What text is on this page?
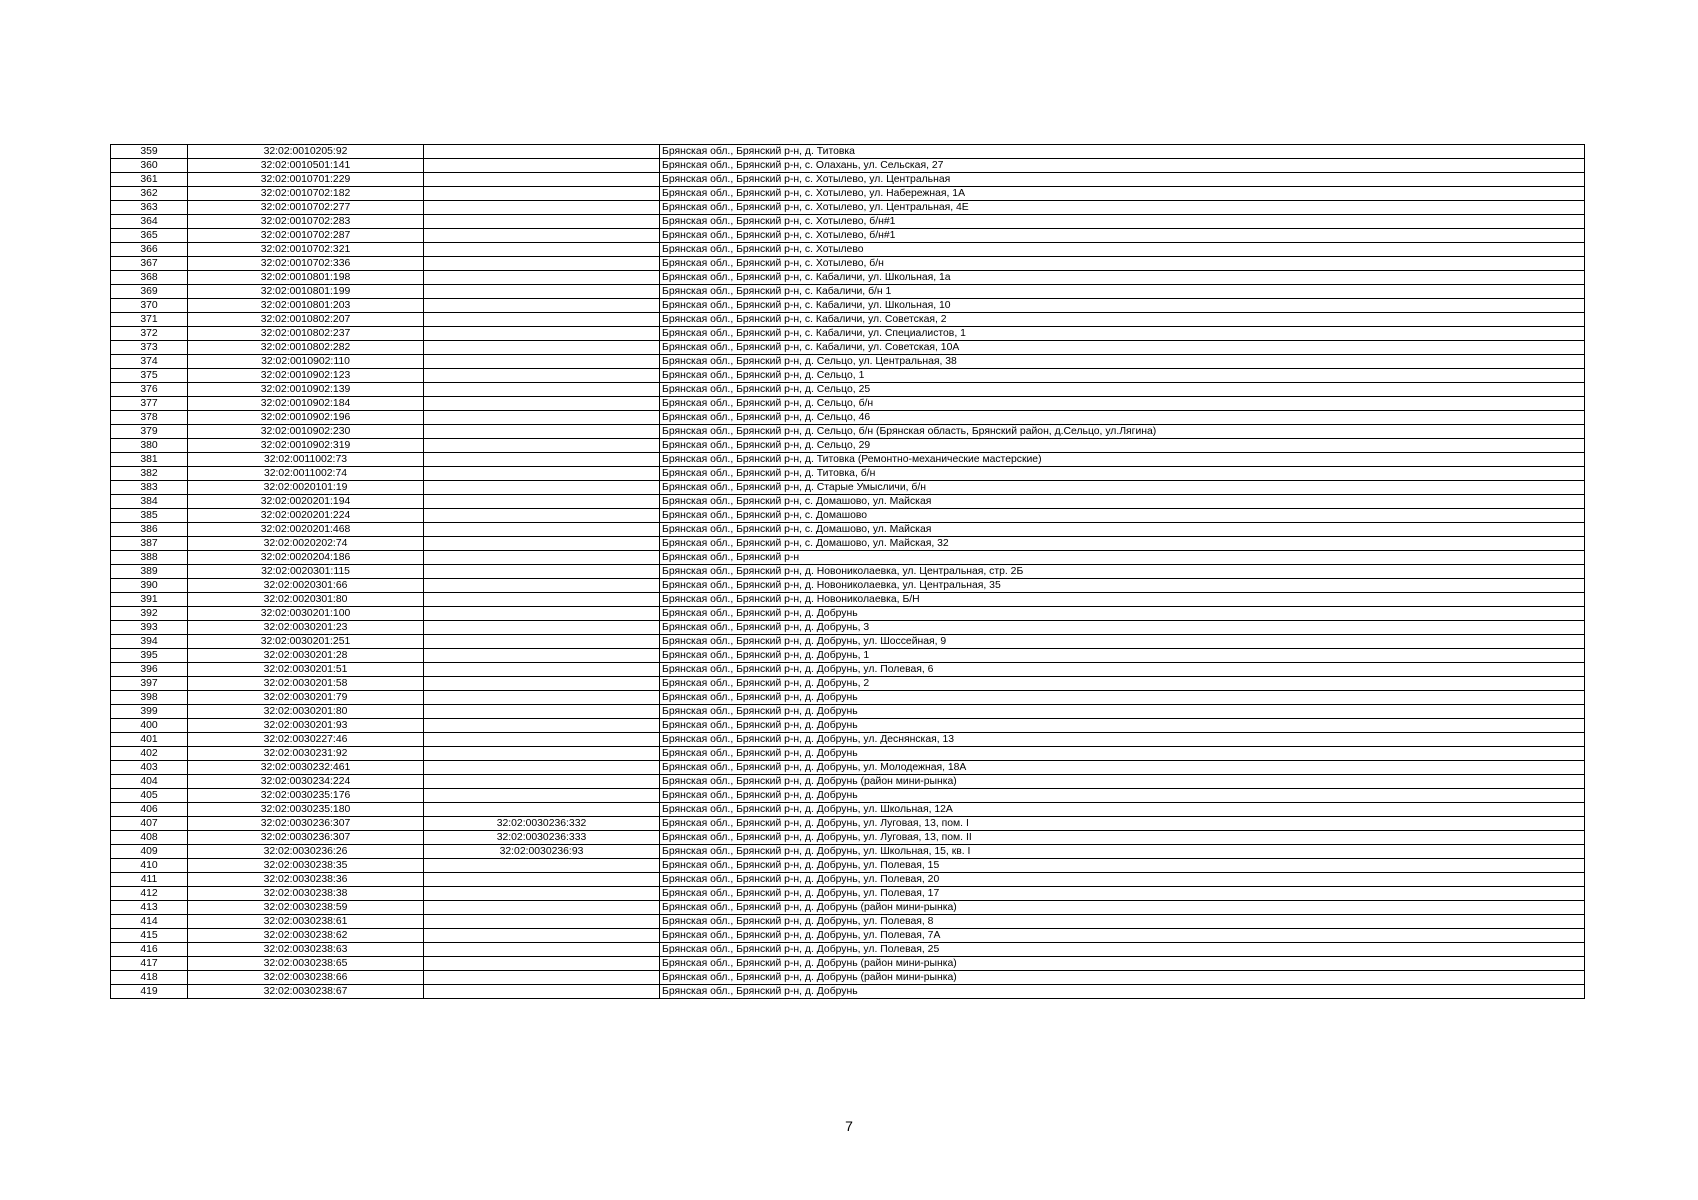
359	32:02:0010205:92		Брянская обл., Брянский р-н, д. Титовка
360	32:02:0010501:141		Брянская обл., Брянский р-н, с. Олахань, ул. Сельская, 27
361	32:02:0010701:229		Брянская обл., Брянский р-н, с. Хотылево, ул. Центральная
362	32:02:0010702:182		Брянская обл., Брянский р-н, с. Хотылево, ул. Набережная, 1А
363	32:02:0010702:277		Брянская обл., Брянский р-н, с. Хотылево, ул. Центральная, 4Е
364	32:02:0010702:283		Брянская обл., Брянский р-н, с. Хотылево, б/н#1
365	32:02:0010702:287		Брянская обл., Брянский р-н, с. Хотылево, б/н#1
366	32:02:0010702:321		Брянская обл., Брянский р-н, с. Хотылево
367	32:02:0010702:336		Брянская обл., Брянский р-н, с. Хотылево, б/н
368	32:02:0010801:198		Брянская обл., Брянский р-н, с. Кабаличи, ул. Школьная, 1а
369	32:02:0010801:199		Брянская обл., Брянский р-н, с. Кабаличи, б/н 1
370	32:02:0010801:203		Брянская обл., Брянский р-н, с. Кабаличи, ул. Школьная, 10
371	32:02:0010802:207		Брянская обл., Брянский р-н, с. Кабаличи, ул. Советская, 2
372	32:02:0010802:237		Брянская обл., Брянский р-н, с. Кабаличи, ул. Специалистов, 1
373	32:02:0010802:282		Брянская обл., Брянский р-н, с. Кабаличи, ул. Советская, 10А
374	32:02:0010902:110		Брянская обл., Брянский р-н, д. Сельцо, ул. Центральная, 38
375	32:02:0010902:123		Брянская обл., Брянский р-н, д. Сельцо, 1
376	32:02:0010902:139		Брянская обл., Брянский р-н, д. Сельцо, 25
377	32:02:0010902:184		Брянская обл., Брянский р-н, д. Сельцо, б/н
378	32:02:0010902:196		Брянская обл., Брянский р-н, д. Сельцо, 46
379	32:02:0010902:230		Брянская обл., Брянский р-н, д. Сельцо, б/н (Брянская область, Брянский район, д.Сельцо, ул.Лягина)
380	32:02:0010902:319		Брянская обл., Брянский р-н, д. Сельцо, 29
381	32:02:0011002:73		Брянская обл., Брянский р-н, д. Титовка (Ремонтно-механические мастерские)
382	32:02:0011002:74		Брянская обл., Брянский р-н, д. Титовка, б/н
383	32:02:0020101:19		Брянская обл., Брянский р-н, д. Старые Умысличи, б/н
384	32:02:0020201:194		Брянская обл., Брянский р-н, с. Домашово, ул. Майская
385	32:02:0020201:224		Брянская обл., Брянский р-н, с. Домашово
386	32:02:0020201:468		Брянская обл., Брянский р-н, с. Домашово, ул. Майская
387	32:02:0020202:74		Брянская обл., Брянский р-н, с. Домашово, ул. Майская, 32
388	32:02:0020204:186		Брянская обл., Брянский р-н
389	32:02:0020301:115		Брянская обл., Брянский р-н, д. Новониколаевка, ул. Центральная, стр. 2Б
390	32:02:0020301:66		Брянская обл., Брянский р-н, д. Новониколаевка, ул. Центральная, 35
391	32:02:0020301:80		Брянская обл., Брянский р-н, д. Новониколаевка, Б/Н
392	32:02:0030201:100		Брянская обл., Брянский р-н, д. Добрунь
393	32:02:0030201:23		Брянская обл., Брянский р-н, д. Добрунь, 3
394	32:02:0030201:251		Брянская обл., Брянский р-н, д. Добрунь, ул. Шоссейная, 9
395	32:02:0030201:28		Брянская обл., Брянский р-н, д. Добрунь, 1
396	32:02:0030201:51		Брянская обл., Брянский р-н, д. Добрунь, ул. Полевая, 6
397	32:02:0030201:58		Брянская обл., Брянский р-н, д. Добрунь, 2
398	32:02:0030201:79		Брянская обл., Брянский р-н, д. Добрунь
399	32:02:0030201:80		Брянская обл., Брянский р-н, д. Добрунь
400	32:02:0030201:93		Брянская обл., Брянский р-н, д. Добрунь
401	32:02:0030227:46		Брянская обл., Брянский р-н, д. Добрунь, ул. Деснянская, 13
402	32:02:0030231:92		Брянская обл., Брянский р-н, д. Добрунь
403	32:02:0030232:461		Брянская обл., Брянский р-н, д. Добрунь, ул. Молодежная, 18А
404	32:02:0030234:224		Брянская обл., Брянский р-н, д. Добрунь (район мини-рынка)
405	32:02:0030235:176		Брянская обл., Брянский р-н, д. Добрунь
406	32:02:0030235:180		Брянская обл., Брянский р-н, д. Добрунь, ул. Школьная, 12А
407	32:02:0030236:307	32:02:0030236:332	Брянская обл., Брянский р-н, д. Добрунь, ул. Луговая, 13, пом. I
408	32:02:0030236:307	32:02:0030236:333	Брянская обл., Брянский р-н, д. Добрунь, ул. Луговая, 13, пом. II
409	32:02:0030236:26	32:02:0030236:93	Брянская обл., Брянский р-н, д. Добрунь, ул. Школьная, 15, кв. I
410	32:02:0030238:35		Брянская обл., Брянский р-н, д. Добрунь, ул. Полевая, 15
411	32:02:0030238:36		Брянская обл., Брянский р-н, д. Добрунь, ул. Полевая, 20
412	32:02:0030238:38		Брянская обл., Брянский р-н, д. Добрунь, ул. Полевая, 17
413	32:02:0030238:59		Брянская обл., Брянский р-н, д. Добрунь (район мини-рынка)
414	32:02:0030238:61		Брянская обл., Брянский р-н, д. Добрунь, ул. Полевая, 8
415	32:02:0030238:62		Брянская обл., Брянский р-н, д. Добрунь, ул. Полевая, 7А
416	32:02:0030238:63		Брянская обл., Брянский р-н, д. Добрунь, ул. Полевая, 25
417	32:02:0030238:65		Брянская обл., Брянский р-н, д. Добрунь (район мини-рынка)
418	32:02:0030238:66		Брянская обл., Брянский р-н, д. Добрунь (район мини-рынка)
419	32:02:0030238:67		Брянская обл., Брянский р-н, д. Добрунь
7
